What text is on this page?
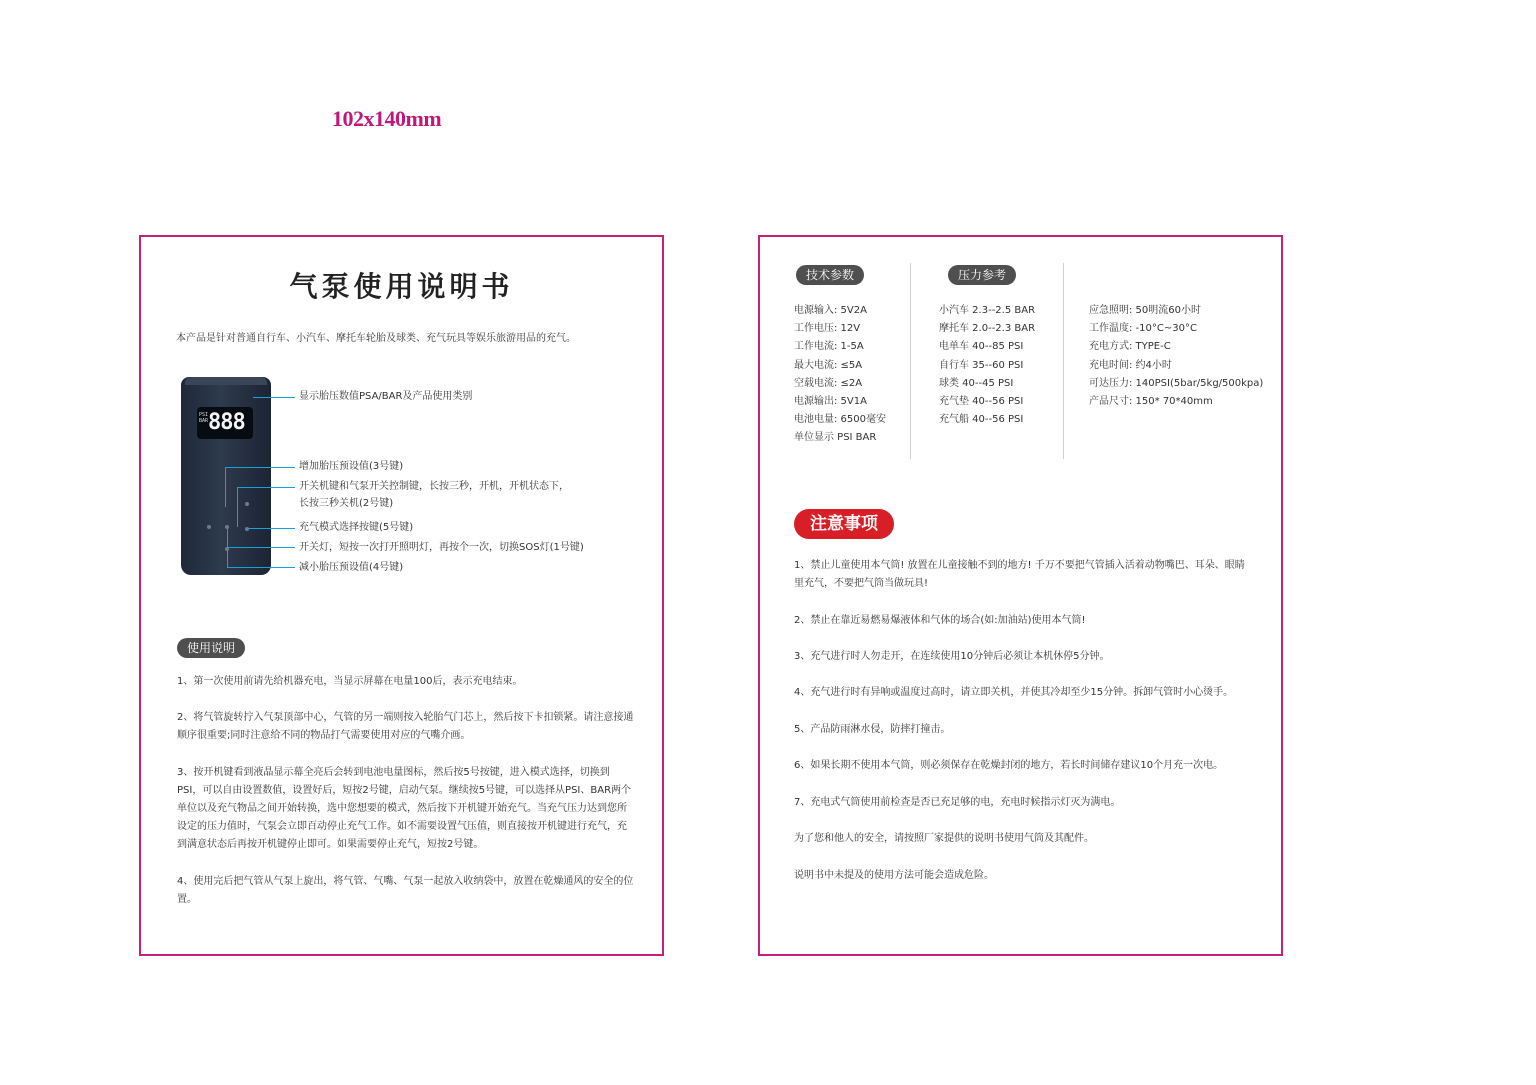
102x140mm
气泵使用说明书
本产品是针对普通自行车、小汽车、摩托车轮胎及球类、充气玩具等娱乐旅游用品的充气。
PSI BAR 888
显示胎压数值PSA/BAR及产品使用类别
增加胎压预设值(3号键)
开关机键和气泵开关控制键，长按三秒，开机，开机状态下，
长按三秒关机(2号键)
充气模式选择按键(5号键)
开关灯，短按一次打开照明灯，再按个一次，切换SOS灯(1号键)
减小胎压预设值(4号键)
使用说明
1、第一次使用前请先给机器充电，当显示屏幕在电量100后，表示充电结束。
2、将气管旋转拧入气泵顶部中心，气管的另一端则按入轮胎气门芯上，然后按下卡扣锁紧。请注意接通顺序很重要;同时注意给不同的物品打气需要使用对应的气嘴介画。
3、按开机键看到液晶显示幕全亮后会转到电池电量图标，然后按5号按键，进入模式选择，切换到PSI，可以自由设置数值，设置好后，短按2号键，启动气泵。继续按5号键，可以选择从PSI、BAR两个单位以及充气物品之间开始转换，选中您想要的模式，然后按下开机键开始充气。当充气压力达到您所设定的压力值时，气泵会立即百动停止充气工作。如不需要设置气压值，则直接按开机键进行充气，充到满意状态后再按开机键停止即可。如果需要停止充气，短按2号键。
4、使用完后把气管从气泵上旋出，将气管、气嘴、气泵一起放入收纳袋中，放置在乾燥通风的安全的位置。
技术参数	压力参考
电源输入: 5V2A
工作电压: 12V
工作电流: 1-5A
最大电流: ≤5A
空载电流: ≤2A
电源输出: 5V1A
电池电量: 6500毫安
单位显示 PSI BAR
小汽车 2.3--2.5 BAR
摩托车 2.0--2.3 BAR
电单车 40--85 PSI
自行车 35--60 PSI
球类 40--45 PSI
充气垫 40--56 PSI
充气船 40--56 PSI
应急照明: 50明流60小时
工作温度: -10°C~30°C
充电方式: TYPE-C
充电时间: 约4小时
可达压力: 140PSI(5bar/5kg/500kpa)
产品尺寸: 150* 70*40mm
注意事项
1、禁止儿童使用本气筒! 放置在儿童接触不到的地方! 千万不要把气管插入活着动物嘴巴、耳朵、眼睛里充气，不要把气筒当做玩具!
2、禁止在靠近易燃易爆液体和气体的场合(如:加油站)使用本气筒!
3、充气进行时人勿走开，在连续使用10分钟后必须让本机休停5分钟。
4、充气进行时有异响或温度过高时，请立即关机，并使其冷却至少15分钟。拆卸气管时小心烫手。
5、产品防雨淋水侵，防摔打撞击。
6、如果长期不使用本气筒，则必须保存在乾燥封闭的地方，若长时间储存建议10个月充一次电。
7、充电式气筒使用前检查是否已充足够的电，充电时候指示灯灭为满电。
为了您和他人的安全，请按照厂家提供的说明书使用气筒及其配件。
说明书中未提及的使用方法可能会造成危险。
